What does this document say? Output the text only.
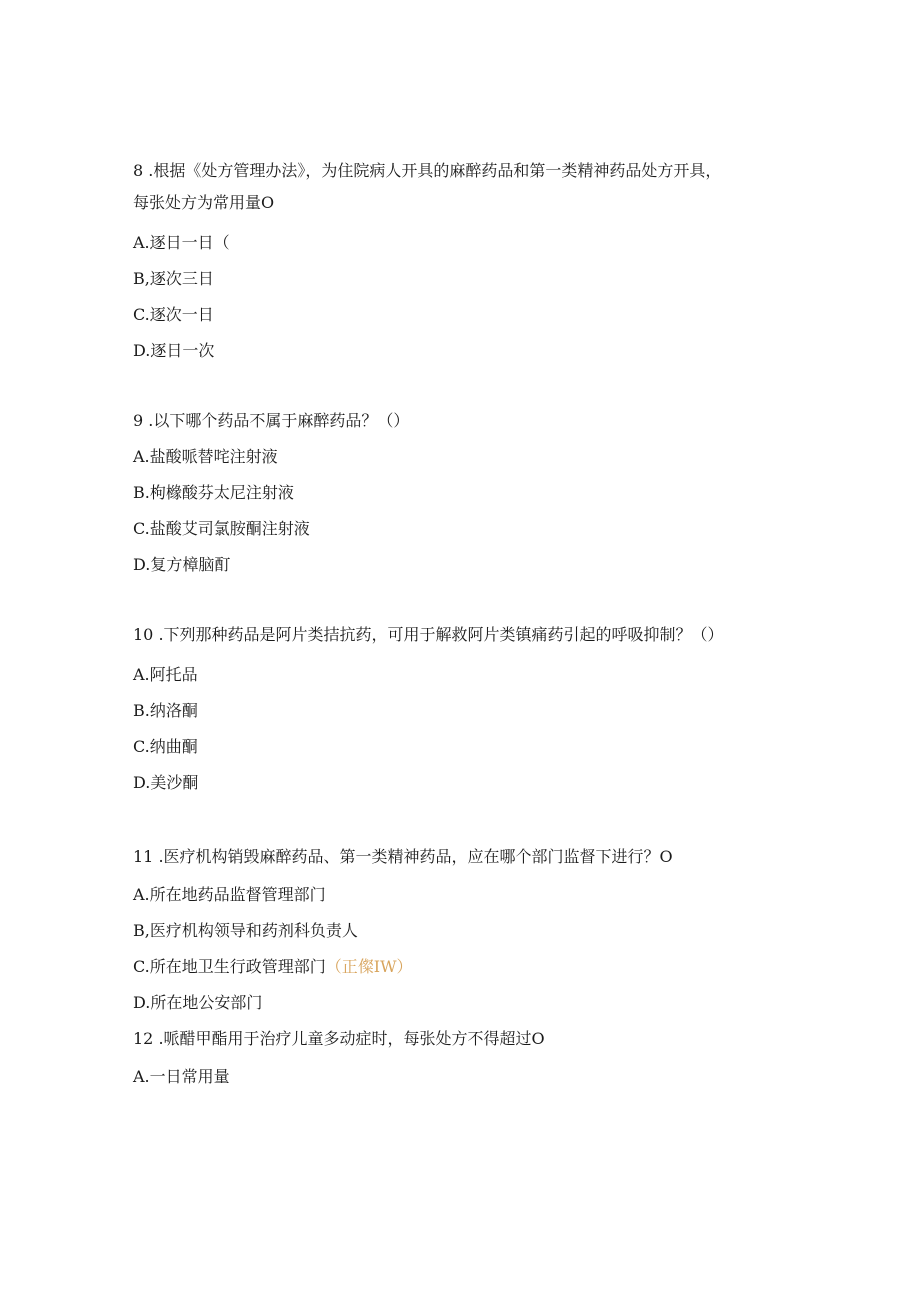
8 .根据《处方管理办法》，为住院病人开具的麻醉药品和第一类精神药品处方开具，
每张处方为常用量O
A.逐日一日（
B,逐次三日
C.逐次一日
D.逐日一次
9 .以下哪个药品不属于麻醉药品？（）
A.盐酸哌替咤注射液
B.枸橼酸芬太尼注射液
C.盐酸艾司氯胺酮注射液
D.复方樟脑酊
10 .下列那种药品是阿片类拮抗药，可用于解救阿片类镇痛药引起的呼吸抑制？（）
A.阿托品
B.纳洛酮
C.纳曲酮
D.美沙酮
11 .医疗机构销毁麻醉药品、第一类精神药品，应在哪个部门监督下进行？O
A.所在地药品监督管理部门
B,医疗机构领导和药剂科负责人
C.所在地卫生行政管理部门（正儏IW）
D.所在地公安部门
12 .哌醋甲酯用于治疗儿童多动症时，每张处方不得超过O
A.一日常用量
